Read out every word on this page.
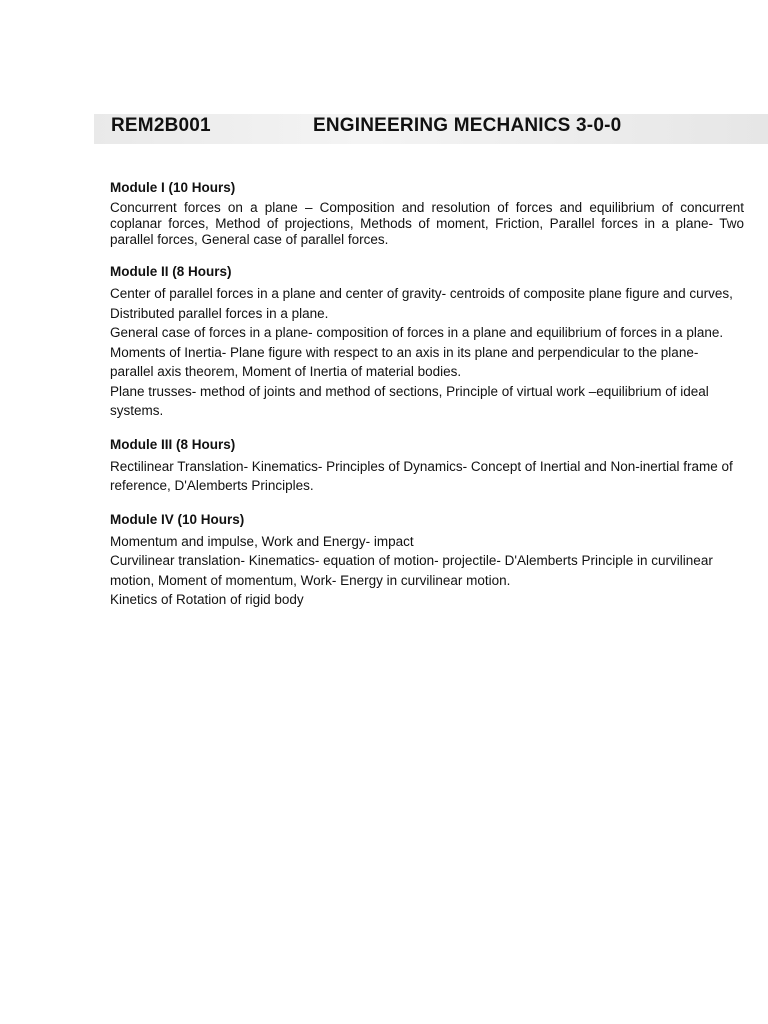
REM2B001	ENGINEERING MECHANICS 3-0-0
Module I (10 Hours)

Concurrent forces on a plane – Composition and resolution of forces and equilibrium of concurrent coplanar forces, Method of projections, Methods of moment, Friction, Parallel forces in a plane- Two parallel forces, General case of parallel forces.

Module II (8 Hours)

Center of parallel forces in a plane and center of gravity- centroids of composite plane figure and curves, Distributed parallel forces in a plane.

General case of forces in a plane- composition of forces in a plane and equilibrium of forces in a plane.

Moments of Inertia- Plane figure with respect to an axis in its plane and perpendicular to the plane- parallel axis theorem, Moment of Inertia of material bodies.

Plane trusses- method of joints and method of sections, Principle of virtual work –equilibrium of ideal systems.

Module III (8 Hours)

Rectilinear Translation- Kinematics- Principles of Dynamics- Concept of Inertial and Non-inertial frame of reference, D'Alemberts Principles.

Module IV (10 Hours)

Momentum and impulse, Work and Energy- impact

Curvilinear translation- Kinematics- equation of motion- projectile- D'Alemberts Principle in curvilinear motion, Moment of momentum, Work- Energy in curvilinear motion.

Kinetics of Rotation of rigid body
